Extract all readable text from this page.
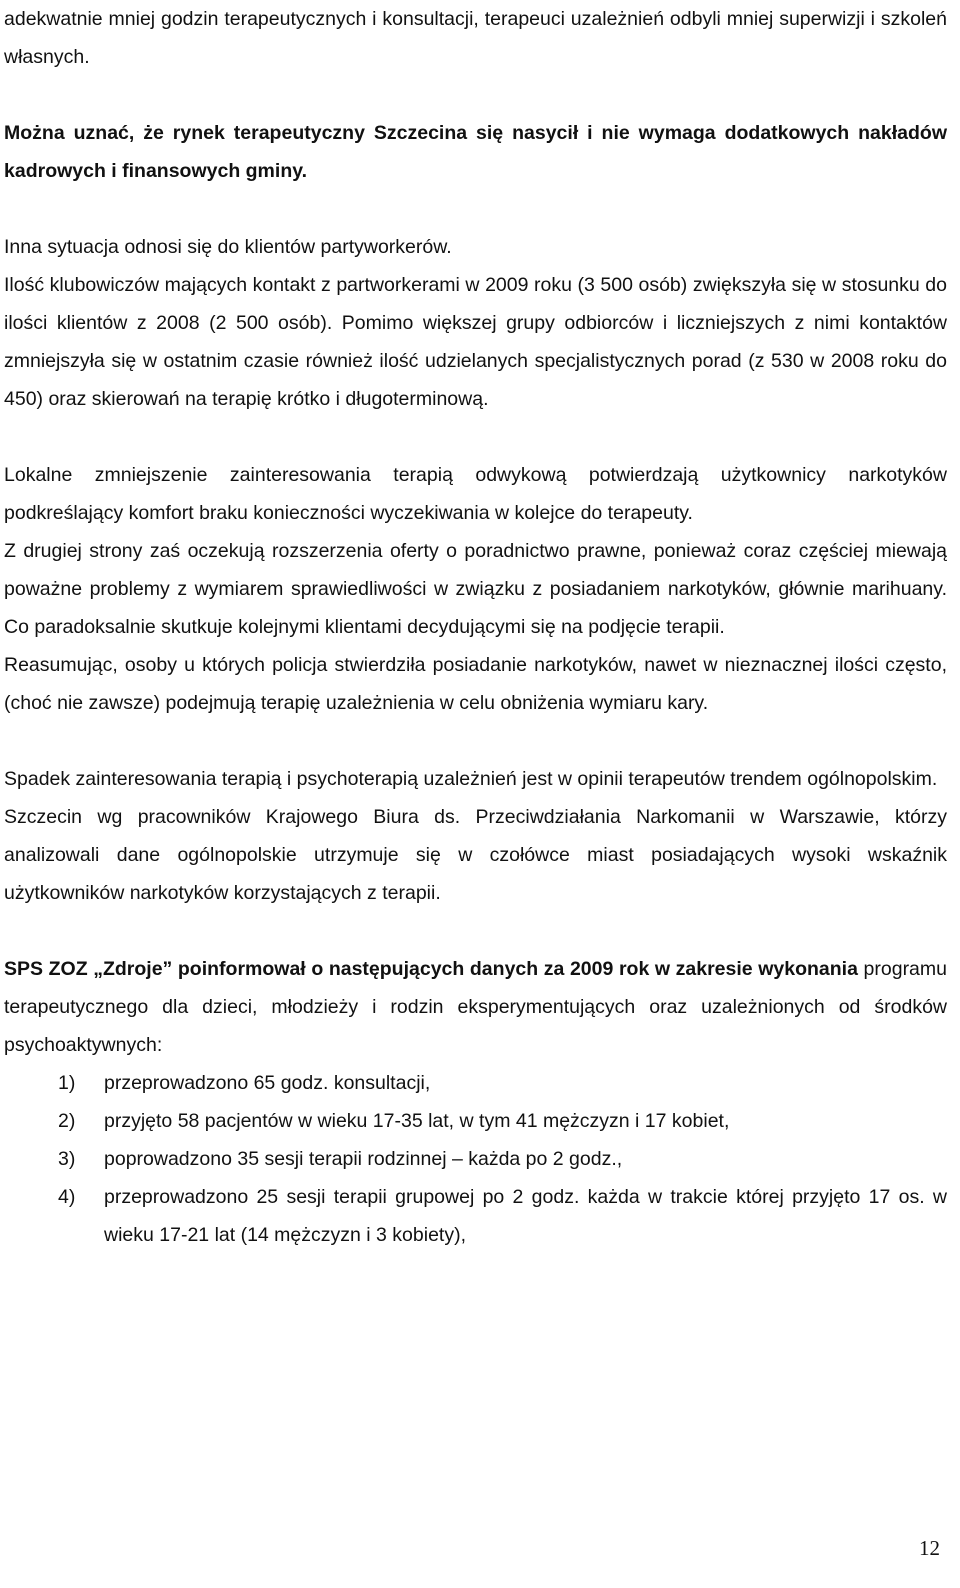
adekwatnie mniej godzin terapeutycznych i konsultacji, terapeuci uzależnień odbyli mniej superwizji i szkoleń własnych.

Można uznać, że rynek terapeutyczny Szczecina się nasycił i nie wymaga dodatkowych nakładów kadrowych i finansowych gminy.

Inna sytuacja odnosi się do klientów partyworkerów.

Ilość klubowiczów mających kontakt z partworkerami w 2009 roku (3 500 osób) zwiększyła się w stosunku do ilości klientów z 2008 (2 500 osób). Pomimo większej grupy odbiorców i liczniejszych z nimi kontaktów zmniejszyła się w ostatnim czasie również ilość udzielanych specjalistycznych porad (z 530 w 2008 roku do 450) oraz skierowań na terapię krótko i długoterminową.

Lokalne zmniejszenie zainteresowania terapią odwykową potwierdzają użytkownicy narkotyków podkreślający komfort braku konieczności wyczekiwania w kolejce do terapeuty.

Z drugiej strony zaś oczekują rozszerzenia oferty o poradnictwo prawne, ponieważ coraz częściej miewają poważne problemy z wymiarem sprawiedliwości w związku z posiadaniem narkotyków, głównie marihuany. Co paradoksalnie skutkuje kolejnymi klientami decydującymi się na podjęcie terapii.

Reasumując, osoby u których policja stwierdziła posiadanie narkotyków, nawet w nieznacznej ilości często, (choć nie zawsze) podejmują terapię uzależnienia w celu obniżenia wymiaru kary.

Spadek zainteresowania terapią i psychoterapią uzależnień jest w opinii terapeutów trendem ogólnopolskim.

Szczecin wg pracowników Krajowego Biura ds. Przeciwdziałania Narkomanii w Warszawie, którzy analizowali dane ogólnopolskie utrzymuje się w czołówce miast posiadających wysoki wskaźnik użytkowników narkotyków korzystających z terapii.

SPS ZOZ „Zdroje” poinformował o następujących danych za 2009 rok w zakresie wykonania programu terapeutycznego dla dzieci, młodzieży i rodzin eksperymentujących oraz uzależnionych od środków psychoaktywnych:

1) przeprowadzono 65 godz. konsultacji,
2) przyjęto 58 pacjentów w wieku 17-35 lat, w tym 41 mężczyzn i 17 kobiet,
3) poprowadzono 35 sesji terapii rodzinnej – każda po 2 godz.,
4) przeprowadzono 25 sesji terapii grupowej po 2 godz. każda w trakcie której przyjęto 17 os. w wieku 17-21 lat (14 mężczyzn i 3 kobiety),
12
